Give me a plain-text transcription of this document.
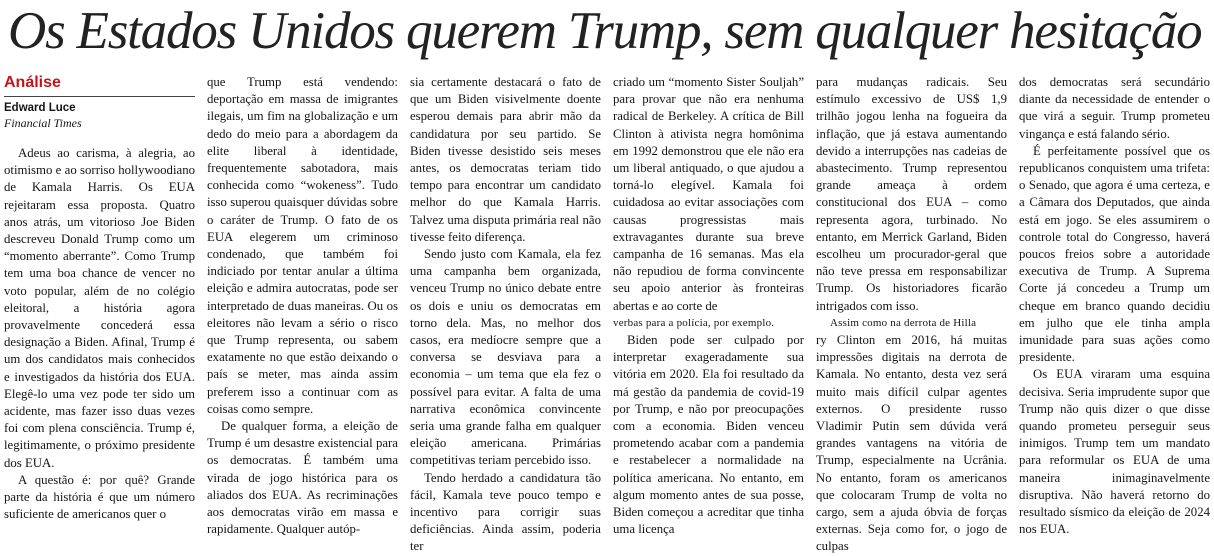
Os Estados Unidos querem Trump, sem qualquer hesitação
Análise
Edward Luce
Financial Times

Adeus ao carisma, à alegria, ao otimismo e ao sorriso hollywoodiano de Kamala Harris. Os EUA rejeitaram essa proposta. Quatro anos atrás, um vitorioso Joe Biden descreveu Donald Trump como um “momento aberrante”. Como Trump tem uma boa chance de vencer no voto popular, além de no colégio eleitoral, a história agora provavelmente concederá essa designação a Biden. Afinal, Trump é um dos candidatos mais conhecidos e investigados da história dos EUA. Elegê-lo uma vez pode ter sido um acidente, mas fazer isso duas vezes foi com plena consciência. Trump é, legitimamente, o próximo presidente dos EUA.

A questão é: por quê? Grande parte da história é que um número suficiente de americanos quer o

que Trump está vendendo: deportação em massa de imigrantes ilegais, um fim na globalização e um dedo do meio para a abordagem da elite liberal à identidade, frequentemente sabotadora, mais conhecida como “wokeness”. Tudo isso superou quaisquer dúvidas sobre o caráter de Trump. O fato de os EUA elegerem um criminoso condenado, que também foi indiciado por tentar anular a última eleição e admira autocratas, pode ser interpretado de duas maneiras. Ou os eleitores não levam a sério o risco que Trump representa, ou sabem exatamente no que estão deixando o país se meter, mas ainda assim preferem isso a continuar com as coisas como sempre.

De qualquer forma, a eleição de Trump é um desastre existencial para os democratas. É também uma virada de jogo histórica para os aliados dos EUA. As recriminações aos democratas virão em massa e rapidamente. Qualquer autóp-

sia certamente destacará o fato de que um Biden visivelmente doente esperou demais para abrir mão da candidatura por seu partido. Se Biden tivesse desistido seis meses antes, os democratas teriam tido tempo para encontrar um candidato melhor do que Kamala Harris. Talvez uma disputa primária real não tivesse feito diferença.

Sendo justo com Kamala, ela fez uma campanha bem organizada, venceu Trump no único debate entre os dois e uniu os democratas em torno dela. Mas, no melhor dos casos, era medíocre sempre que a conversa se desviava para a economia – um tema que ela fez o possível para evitar. A falta de uma narrativa econômica convincente seria uma grande falha em qualquer eleição americana. Primárias competitivas teriam percebido isso.

Tendo herdado a candidatura tão fácil, Kamala teve pouco tempo e incentivo para corrigir suas deficiências. Ainda assim, poderia ter

criado um “momento Sister Souljah” para provar que não era nenhuma radical de Berkeley. A crítica de Bill Clinton à ativista negra homônima em 1992 demonstrou que ele não era um liberal antiquado, o que ajudou a torná-lo elegível. Kamala foi cuidadosa ao evitar associações com causas progressistas mais extravagantes durante sua breve campanha de 16 semanas. Mas ela não repudiou de forma convincente seu apoio anterior às fronteiras abertas e ao corte de

verbas para a polícia, por exemplo.

Biden pode ser culpado por interpretar exageradamente sua vitória em 2020. Ela foi resultado da má gestão da pandemia de covid-19 por Trump, e não por preocupações com a economia. Biden venceu prometendo acabar com a pandemia e restabelecer a normalidade na política americana. No entanto, em algum momento antes de sua posse, Biden começou a acreditar que tinha uma licença

para mudanças radicais. Seu estímulo excessivo de US$ 1,9 trilhão jogou lenha na fogueira da inflação, que já estava aumentando devido a interrupções nas cadeias de abastecimento. Trump representou grande ameaça à ordem constitucional dos EUA – como representa agora, turbinado. No entanto, em Merrick Garland, Biden escolheu um procurador-geral que não teve pressa em responsabilizar Trump. Os historiadores ficarão intrigados com isso.

Assim como na derrota de Hilla

ry Clinton em 2016, há muitas impressões digitais na derrota de Kamala. No entanto, desta vez será muito mais difícil culpar agentes externos. O presidente russo Vladimir Putin sem dúvida verá grandes vantagens na vitória de Trump, especialmente na Ucrânia. No entanto, foram os americanos que colocaram Trump de volta no cargo, sem a ajuda óbvia de forças externas. Seja como for, o jogo de culpas

dos democratas será secundário diante da necessidade de entender o que virá a seguir. Trump prometeu vingança e está falando sério.

É perfeitamente possível que os republicanos conquistem uma trifeta: o Senado, que agora é uma certeza, e a Câmara dos Deputados, que ainda está em jogo. Se eles assumirem o controle total do Congresso, haverá poucos freios sobre a autoridade executiva de Trump. A Suprema Corte já concedeu a Trump um cheque em branco quando decidiu em julho que ele tinha ampla imunidade para suas ações como presidente.

Os EUA viraram uma esquina decisiva. Seria imprudente supor que Trump não quis dizer o que disse quando prometeu perseguir seus inimigos. Trump tem um mandato para reformular os EUA de uma maneira inimaginavelmente disruptiva. Não haverá retorno do resultado sísmico da eleição de 2024 nos EUA.
